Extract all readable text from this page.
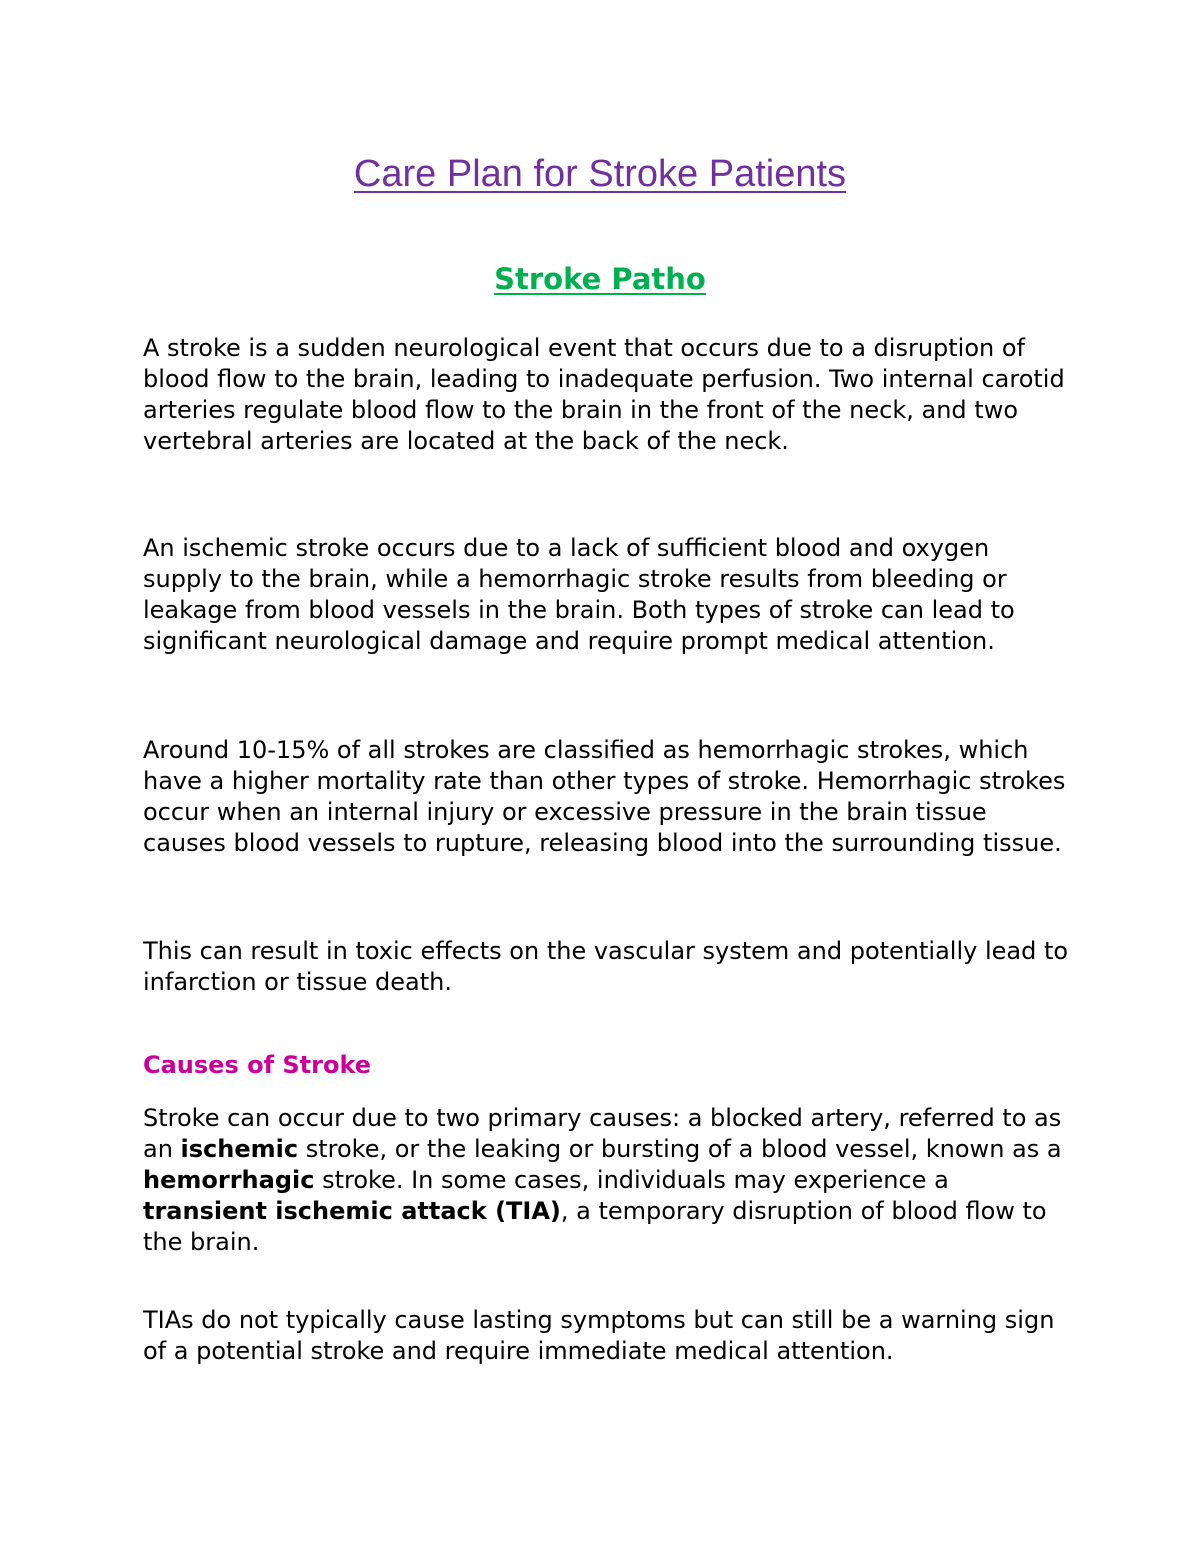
Care Plan for Stroke Patients
Stroke Patho

A stroke is a sudden neurological event that occurs due to a disruption of blood flow to the brain, leading to inadequate perfusion. Two internal carotid arteries regulate blood flow to the brain in the front of the neck, and two vertebral arteries are located at the back of the neck.

An ischemic stroke occurs due to a lack of sufficient blood and oxygen supply to the brain, while a hemorrhagic stroke results from bleeding or leakage from blood vessels in the brain. Both types of stroke can lead to significant neurological damage and require prompt medical attention.

Around 10-15% of all strokes are classified as hemorrhagic strokes, which have a higher mortality rate than other types of stroke. Hemorrhagic strokes occur when an internal injury or excessive pressure in the brain tissue causes blood vessels to rupture, releasing blood into the surrounding tissue.

This can result in toxic effects on the vascular system and potentially lead to infarction or tissue death.

Causes of Stroke

Stroke can occur due to two primary causes: a blocked artery, referred to as an ischemic stroke, or the leaking or bursting of a blood vessel, known as a hemorrhagic stroke. In some cases, individuals may experience a transient ischemic attack (TIA), a temporary disruption of blood flow to the brain.

TIAs do not typically cause lasting symptoms but can still be a warning sign of a potential stroke and require immediate medical attention.
